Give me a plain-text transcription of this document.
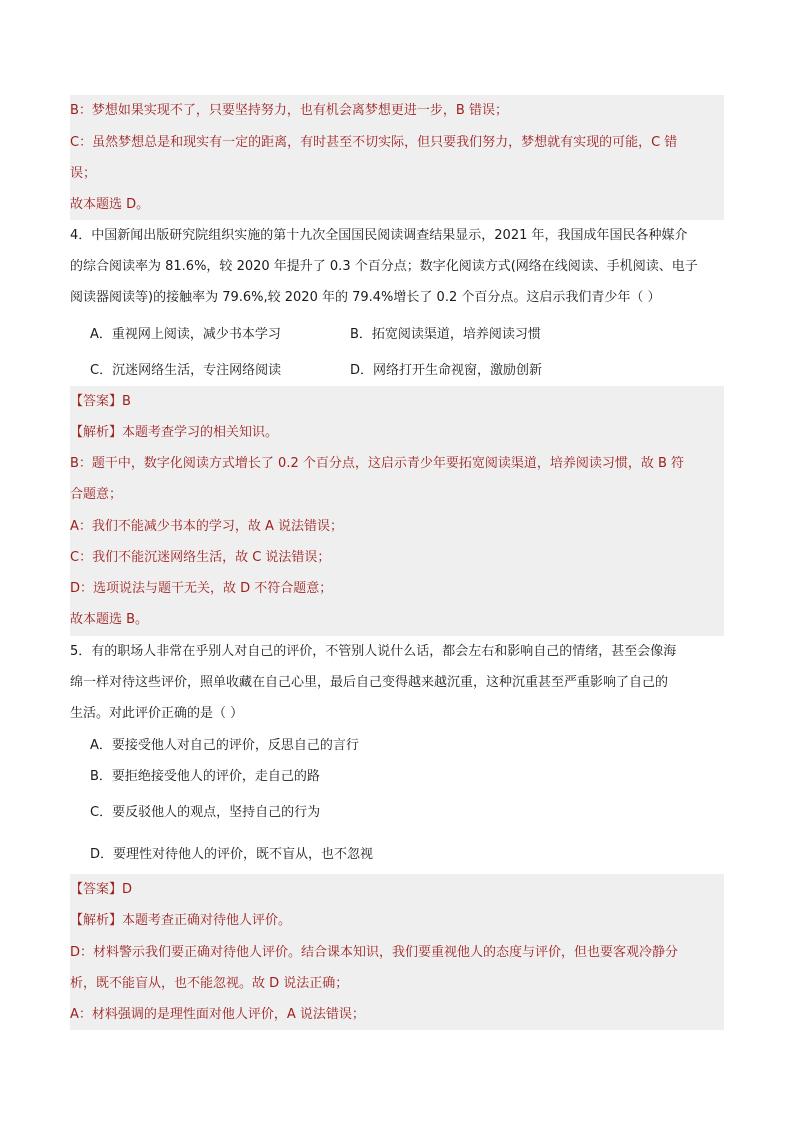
B：梦想如果实现不了，只要坚持努力，也有机会离梦想更进一步，B 错误；
C：虽然梦想总是和现实有一定的距离，有时甚至不切实际，但只要我们努力，梦想就有实现的可能，C 错
误；
故本题选 D。
4．中国新闻出版研究院组织实施的第十九次全国国民阅读调查结果显示，2021 年，我国成年国民各种媒介
的综合阅读率为 81.6%，较 2020 年提升了 0.3 个百分点；数字化阅读方式(网络在线阅读、手机阅读、电子
阅读器阅读等)的接触率为 79.6%,较 2020 年的 79.4%增长了 0.2 个百分点。这启示我们青少年（ ）
A．重视网上阅读，减少书本学习	B．拓宽阅读渠道，培养阅读习惯
C．沉迷网络生活，专注网络阅读	D．网络打开生命视窗，激励创新
【答案】B
【解析】本题考查学习的相关知识。
B：题干中，数字化阅读方式增长了 0.2 个百分点，这启示青少年要拓宽阅读渠道，培养阅读习惯，故 B 符
合题意；
A：我们不能减少书本的学习，故 A 说法错误；
C：我们不能沉迷网络生活，故 C 说法错误；
D：选项说法与题干无关，故 D 不符合题意；
故本题选 B。
5．有的职场人非常在乎别人对自己的评价，不管别人说什么话，都会左右和影响自己的情绪，甚至会像海
绵一样对待这些评价，照单收藏在自己心里，最后自己变得越来越沉重，这种沉重甚至严重影响了自己的
生活。对此评价正确的是（ ）
A．要接受他人对自己的评价，反思自己的言行
B．要拒绝接受他人的评价，走自己的路
C．要反驳他人的观点，坚持自己的行为
D．要理性对待他人的评价，既不盲从，也不忽视
【答案】D
【解析】本题考查正确对待他人评价。
D：材料警示我们要正确对待他人评价。结合课本知识，我们要重视他人的态度与评价，但也要客观冷静分
析，既不能盲从，也不能忽视。故 D 说法正确；
A：材料强调的是理性面对他人评价，A 说法错误；
